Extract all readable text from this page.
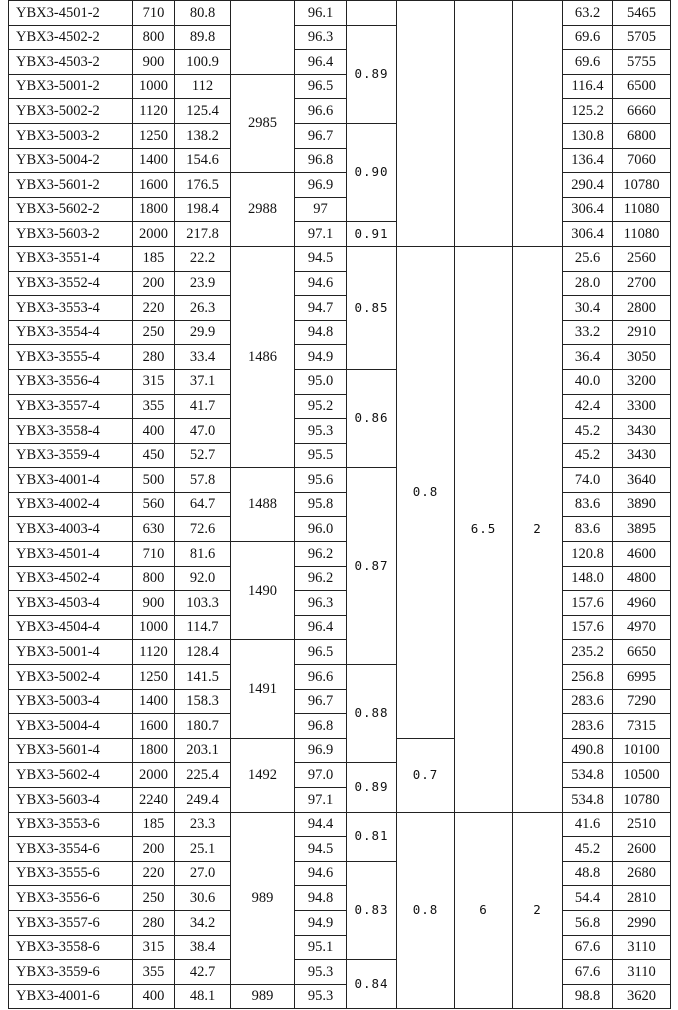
YBX3-4501-2	710	80.8		96.1					63.2	5465
YBX3-4502-2	800	89.8		96.3	0.89				69.6	5705
YBX3-4503-2	900	100.9		96.4					69.6	5755
YBX3-5001-2	1000	112	2985	96.5					116.4	6500
YBX3-5002-2	1120	125.4		96.6					125.2	6660
YBX3-5003-2	1250	138.2		96.7	0.90				130.8	6800
YBX3-5004-2	1400	154.6		96.8					136.4	7060
YBX3-5601-2	1600	176.5	2988	96.9					290.4	10780
YBX3-5602-2	1800	198.4		97					306.4	11080
YBX3-5603-2	2000	217.8		97.1	0.91				306.4	11080
YBX3-3551-4	185	22.2	1486	94.5	0.85	0.8	6.5	2	25.6	2560
YBX3-3552-4	200	23.9		94.6					28.0	2700
YBX3-3553-4	220	26.3		94.7					30.4	2800
YBX3-3554-4	250	29.9		94.8					33.2	2910
YBX3-3555-4	280	33.4		94.9					36.4	3050
YBX3-3556-4	315	37.1		95.0	0.86				40.0	3200
YBX3-3557-4	355	41.7		95.2					42.4	3300
YBX3-3558-4	400	47.0		95.3					45.2	3430
YBX3-3559-4	450	52.7		95.5					45.2	3430
YBX3-4001-4	500	57.8	1488	95.6	0.87				74.0	3640
YBX3-4002-4	560	64.7		95.8					83.6	3890
YBX3-4003-4	630	72.6		96.0					83.6	3895
YBX3-4501-4	710	81.6	1490	96.2					120.8	4600
YBX3-4502-4	800	92.0		96.2					148.0	4800
YBX3-4503-4	900	103.3		96.3					157.6	4960
YBX3-4504-4	1000	114.7		96.4					157.6	4970
YBX3-5001-4	1120	128.4	1491	96.5					235.2	6650
YBX3-5002-4	1250	141.5		96.6	0.88				256.8	6995
YBX3-5003-4	1400	158.3		96.7					283.6	7290
YBX3-5004-4	1600	180.7		96.8					283.6	7315
YBX3-5601-4	1800	203.1	1492	96.9		0.7			490.8	10100
YBX3-5602-4	2000	225.4		97.0	0.89				534.8	10500
YBX3-5603-4	2240	249.4		97.1					534.8	10780
YBX3-3553-6	185	23.3	989	94.4	0.81	0.8	6	2	41.6	2510
YBX3-3554-6	200	25.1		94.5					45.2	2600
YBX3-3555-6	220	27.0		94.6	0.83				48.8	2680
YBX3-3556-6	250	30.6		94.8					54.4	2810
YBX3-3557-6	280	34.2		94.9					56.8	2990
YBX3-3558-6	315	38.4		95.1					67.6	3110
YBX3-3559-6	355	42.7		95.3	0.84				67.6	3110
YBX3-4001-6	400	48.1	989	95.3					98.8	3620
